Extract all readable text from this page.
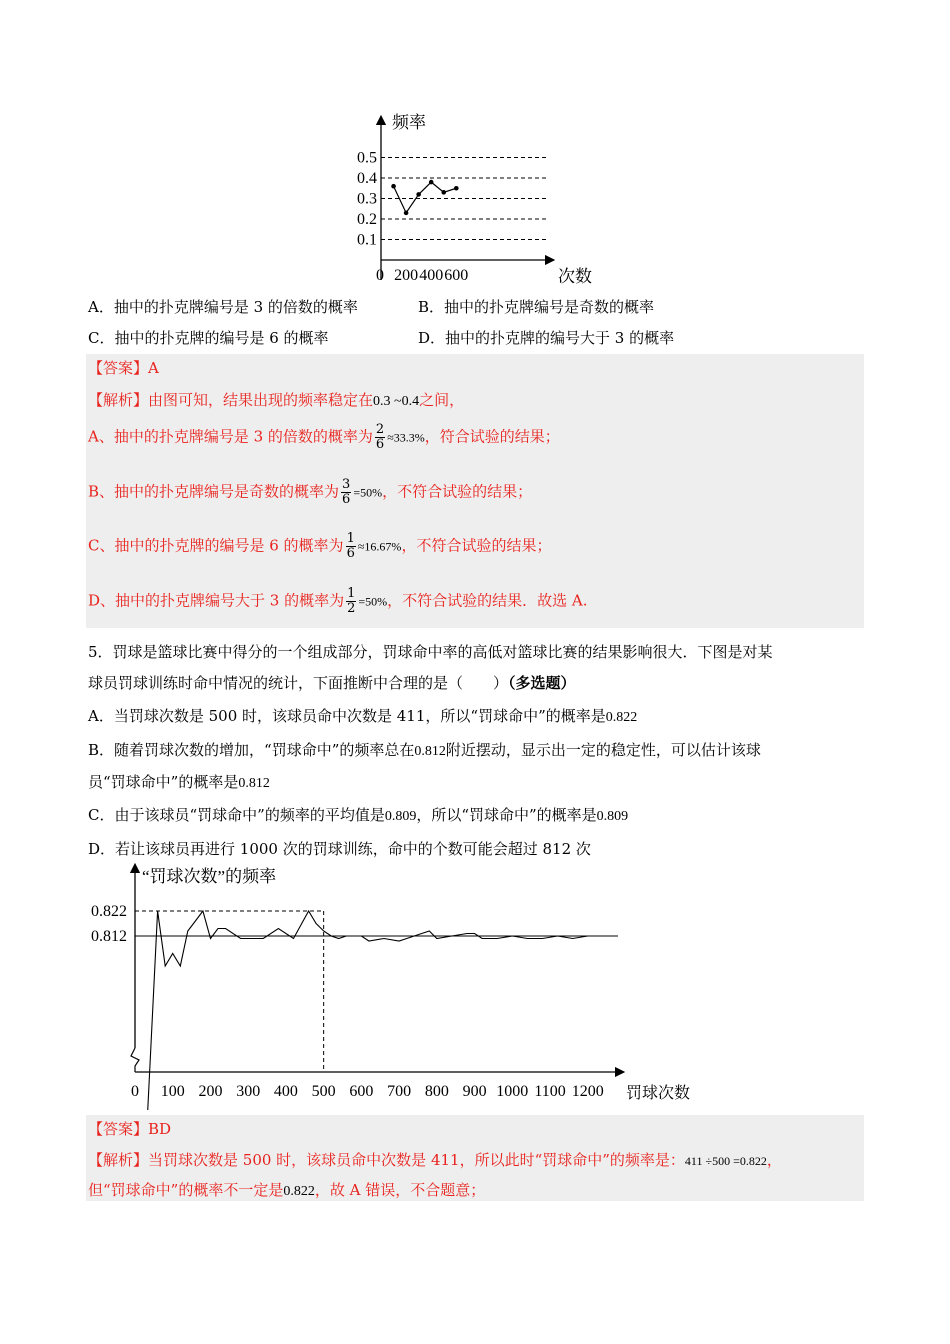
频率
次数
0.5
0.4
0.3
0.2
0.1
0 200 400 600
A．抽中的扑克牌编号是 3 的倍数的概率	B．抽中的扑克牌编号是奇数的概率
C．抽中的扑克牌的编号是 6 的概率	D．抽中的扑克牌的编号大于 3 的概率
【答案】A
【解析】由图可知，结果出现的频率稳定在0.3 ~0.4之间，
A、抽中的扑克牌编号是 3 的倍数的概率为 $\frac{2}{6} \approx 33.3\%$，符合试验的结果；
B、抽中的扑克牌编号是奇数的概率为 $\frac{3}{6} =50\%$，不符合试验的结果；
C、抽中的扑克牌的编号是 6 的概率为 $\frac{1}{6} \approx 16.67\%$，不符合试验的结果；
D、抽中的扑克牌编号大于 3 的概率为 $\frac{1}{2} =50\%$，不符合试验的结果．故选 A.
5．罚球是篮球比赛中得分的一个组成部分，罚球命中率的高低对篮球比赛的结果影响很大．下图是对某
球员罚球训练时命中情况的统计，下面推断中合理的是（　　）（多选题）
A．当罚球次数是 500 时，该球员命中次数是 411，所以“罚球命中”的概率是0.822
B．随着罚球次数的增加，“罚球命中”的频率总在0.812附近摆动，显示出一定的稳定性，可以估计该球
员“罚球命中”的概率是0.812
C．由于该球员“罚球命中”的频率的平均值是0.809，所以“罚球命中”的概率是0.809
D．若让该球员再进行 1000 次的罚球训练，命中的个数可能会超过 812 次
“罚球次数”的频率
罚球次数
0.822
0.812
0 100 200 300 400 500 600 700 800 900 1000 1100 1200
【答案】BD
【解析】当罚球次数是 500 时，该球员命中次数是 411，所以此时“罚球命中”的频率是：411 ÷500 =0.822，
但“罚球命中”的概率不一定是0.822，故 A 错误，不合题意；
